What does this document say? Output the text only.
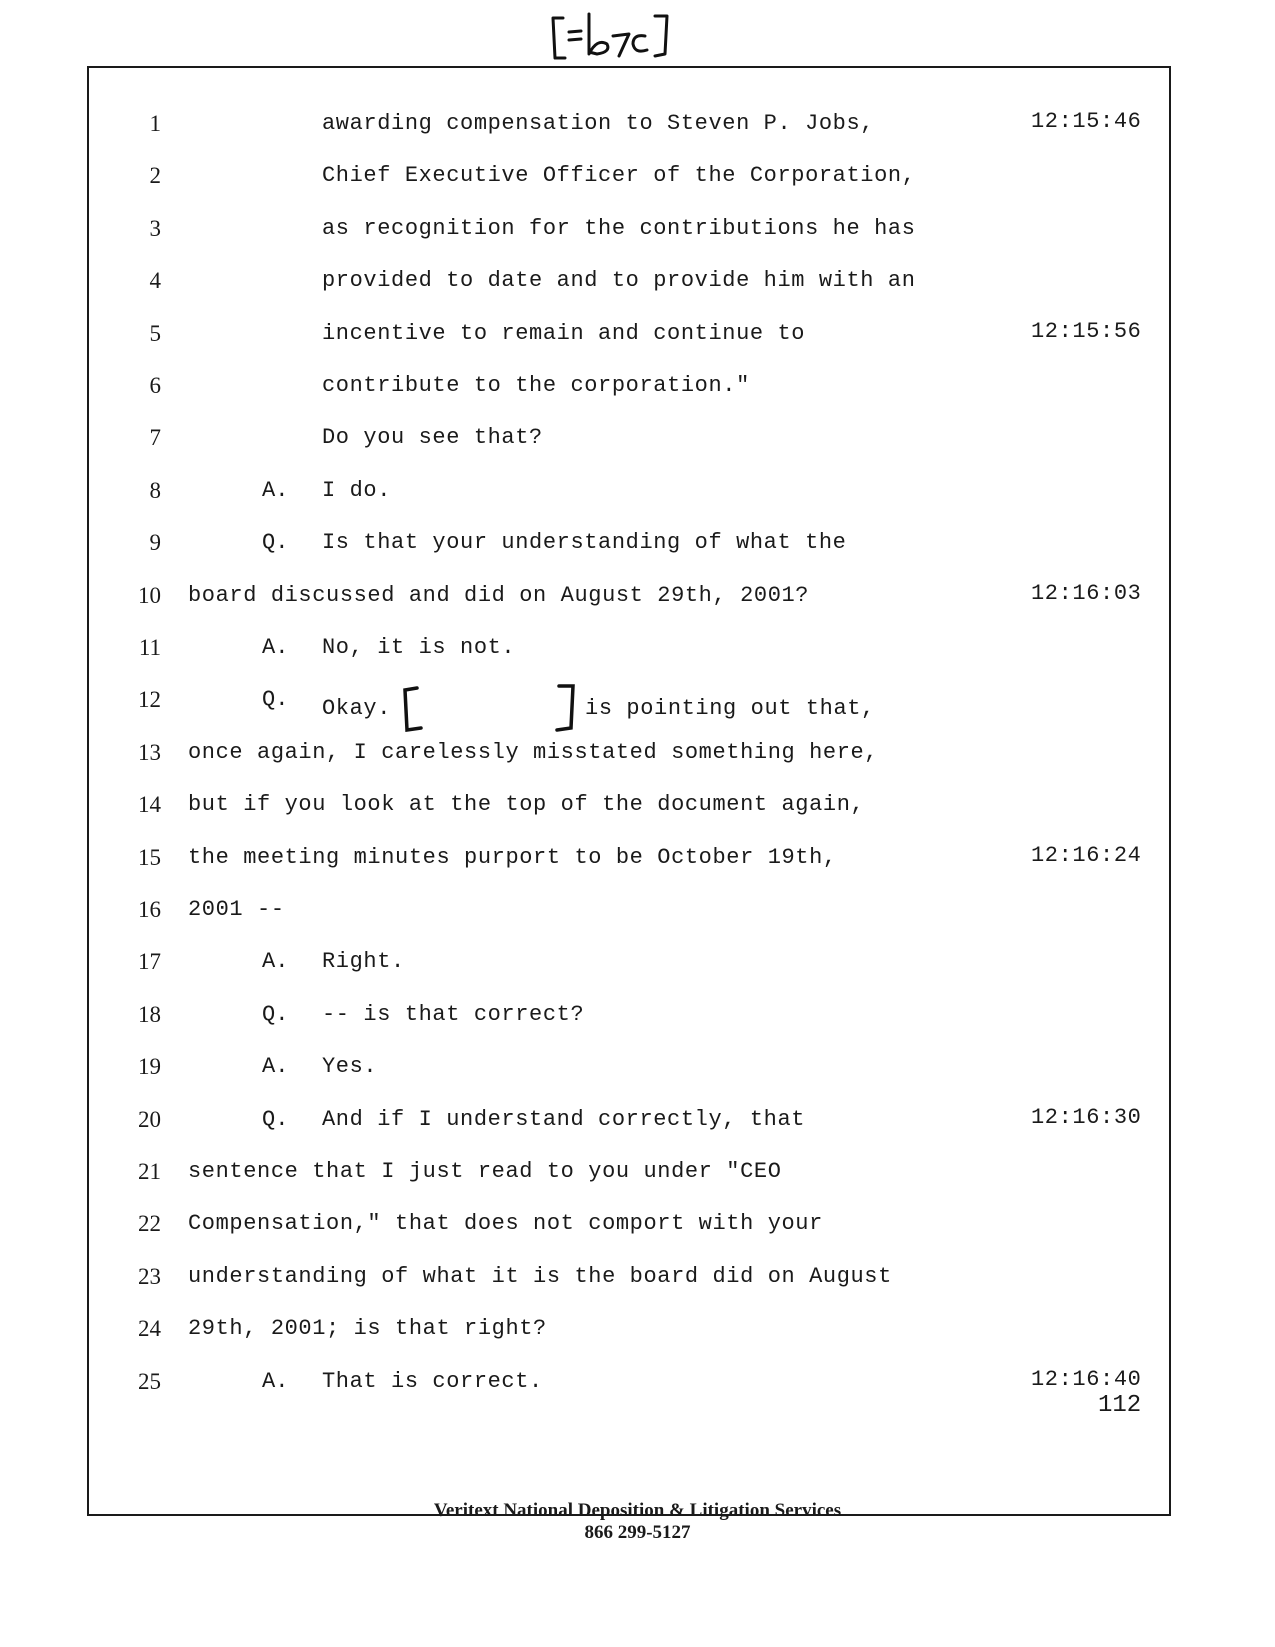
1	awarding compensation to Steven P. Jobs,	12:15:46
2	Chief Executive Officer of the Corporation,
3	as recognition for the contributions he has
4	provided to date and to provide him with an
5	incentive to remain and continue to	12:15:56
6	contribute to the corporation."
7	Do you see that?
8	A. I do.
9	Q. Is that your understanding of what the
10 board discussed and did on August 29th, 2001?	12:16:03
11	A. No, it is not.
12	Q. Okay.	is pointing out that,
13 once again, I carelessly misstated something here,
14 but if you look at the top of the document again,
15 the meeting minutes purport to be October 19th,	12:16:24
16 2001 --
17	A. Right.
18	Q. -- is that correct?
19	A. Yes.
20	Q. And if I understand correctly, that	12:16:30
21 sentence that I just read to you under "CEO
22 Compensation," that does not comport with your
23 understanding of what it is the board did on August
24 29th, 2001; is that right?
25	A. That is correct.	12:16:40
112
Veritext National Deposition & Litigation Services
866 299-5127
